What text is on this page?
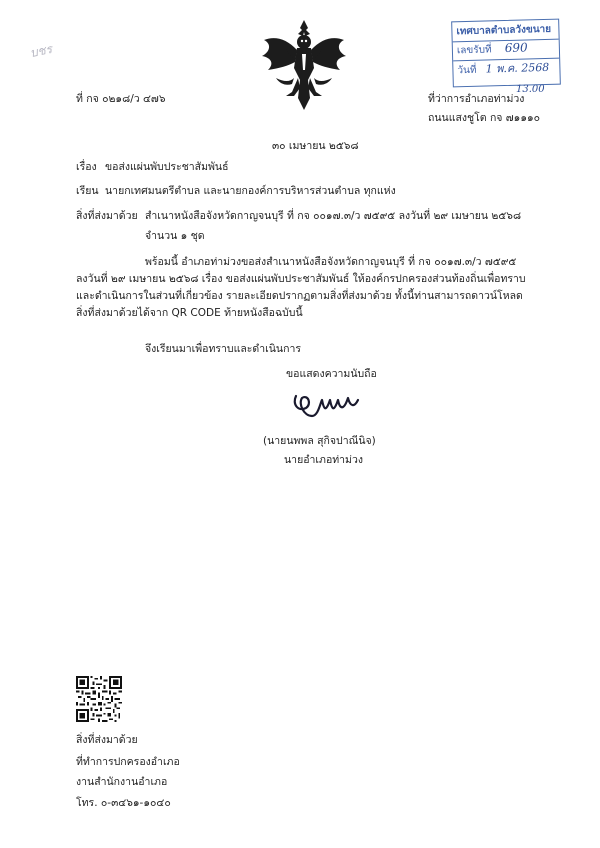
บชร
เทศบาลตำบลวังขนาย
เลขรับที่ 690
วันที่ 1 พ.ค. 2568
13.00
ที่ กจ ๐๒๑๘/ว ๔๗๖	ที่ว่าการอำเภอท่าม่วง
ถนนแสงชูโต กจ ๗๑๑๑๐
๓๐ เมษายน ๒๕๖๘
เรื่อง ขอส่งแผ่นพับประชาสัมพันธ์
เรียน นายกเทศมนตรีตำบล และนายกองค์การบริหารส่วนตำบล ทุกแห่ง
สิ่งที่ส่งมาด้วย สำเนาหนังสือจังหวัดกาญจนบุรี ที่ กจ ๐๐๑๗.๓/ว ๗๕๙๕ ลงวันที่ ๒๙ เมษายน ๒๕๖๘
จำนวน ๑ ชุด
พร้อมนี้ อำเภอท่าม่วงขอส่งสำเนาหนังสือจังหวัดกาญจนบุรี ที่ กจ ๐๐๑๗.๓/ว ๗๕๙๕
ลงวันที่ ๒๙ เมษายน ๒๕๖๘ เรื่อง ขอส่งแผ่นพับประชาสัมพันธ์ ให้องค์กรปกครองส่วนท้องถิ่นเพื่อทราบ
และดำเนินการในส่วนที่เกี่ยวข้อง รายละเอียดปรากฏตามสิ่งที่ส่งมาด้วย ทั้งนี้ท่านสามารถดาวน์โหลด
สิ่งที่ส่งมาด้วยได้จาก QR CODE ท้ายหนังสือฉบับนี้
จึงเรียนมาเพื่อทราบและดำเนินการ
ขอแสดงความนับถือ
(นายนพพล สุกิจปาณีนิจ)
นายอำเภอท่าม่วง
สิ่งที่ส่งมาด้วย
ที่ทำการปกครองอำเภอ
งานสำนักงานอำเภอ
โทร. ๐-๓๔๖๑-๑๐๔๐
